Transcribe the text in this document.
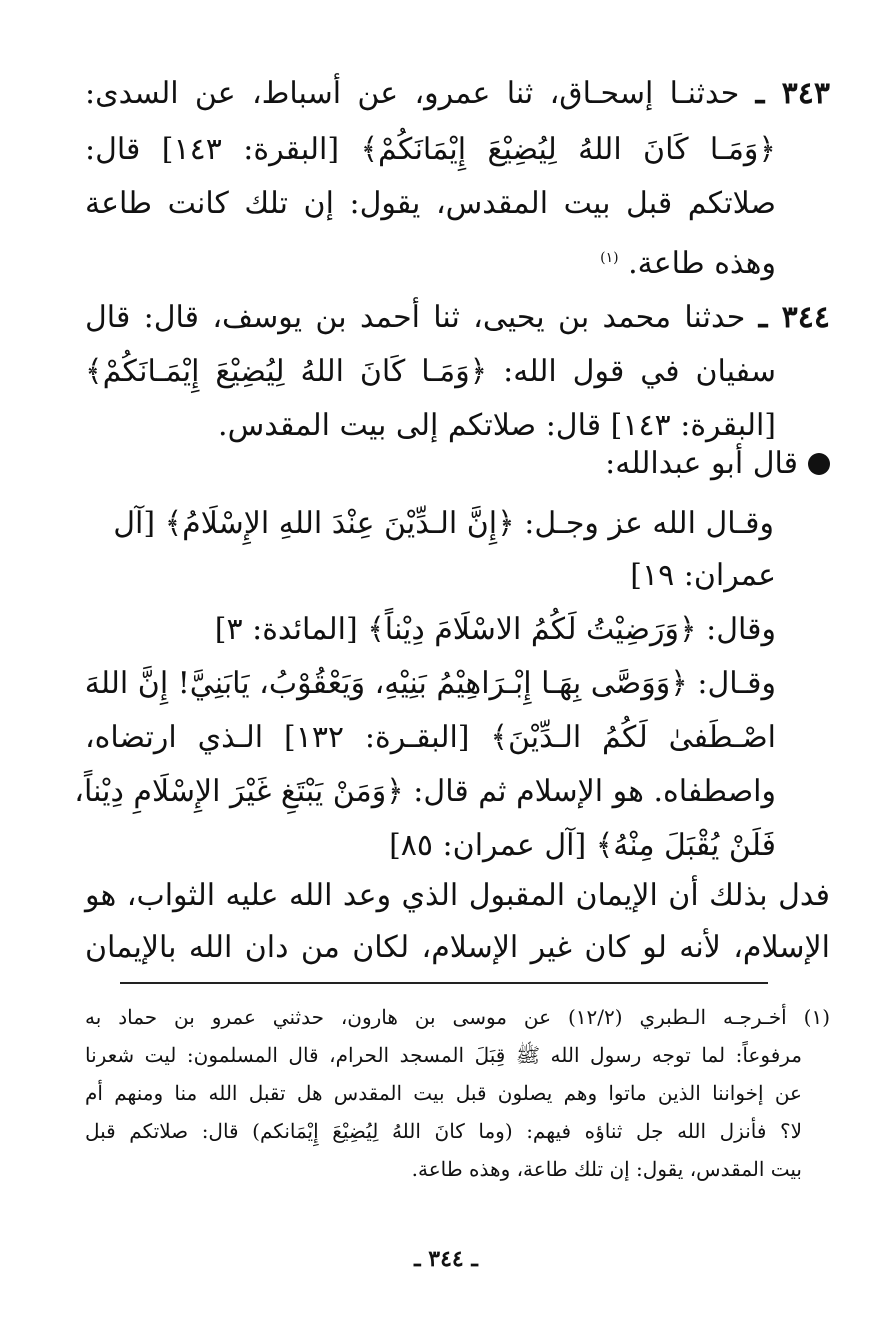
٣٤٣ ـ حدثنـا إسحـاق، ثنا عمرو، عن أسباط، عن السدى:
﴿وَمَـا كَانَ اللهُ لِيُضِيْعَ إِيْمَانَكُمْ﴾ [البقرة: ١٤٣] قال:
صلاتكم قبل بيت المقدس، يقول: إن تلك كانت طاعة
وهذه طاعة. $^{(١)}$
٣٤٤ ـ حدثنا محمد بن يحيى، ثنا أحمد بن يوسف، قال: قال
سفيان في قول الله: ﴿وَمَـا كَانَ اللهُ لِيُضِيْعَ إِيْمَـانَكُمْ﴾
[البقرة: ١٤٣] قال: صلاتكم إلى بيت المقدس.
قال أبو عبدالله:
وقـال الله عز وجـل: ﴿إِنَّ الـدِّيْنَ عِنْدَ اللهِ الإِسْلَامُ﴾ [آل
عمران: ١٩]
وقال: ﴿وَرَضِيْتُ لَكُمُ الاسْلَامَ دِيْناً﴾ [المائدة: ٣]
وقـال: ﴿وَوَصَّى بِهَـا إِبْـرَاهِيْمُ بَنِيْهِ، وَيَعْقُوْبُ، يَابَنِيَّ! إِنَّ اللهَ
اصْـطَفىٰ لَكُمُ الـدِّيْنَ﴾ [البقـرة: ١٣٢] الـذي ارتضاه،
واصطفاه. هو الإسلام ثم قال: ﴿وَمَنْ يَبْتَغِ غَيْرَ الإِسْلَامِ دِيْناً،
فَلَنْ يُقْبَلَ مِنْهُ﴾ [آل عمران: ٨٥]
فدل بذلك أن الإيمان المقبول الذي وعد الله عليه الثواب، هو
الإسلام، لأنه لو كان غير الإسلام، لكان من دان الله بالإيمان
(١) أخـرجـه الـطبري (١٢/٢) عن موسى بن هارون، حدثني عمرو بن حماد به
مرفوعاً: لما توجه رسول الله ﷺ قِبَلَ المسجد الحرام، قال المسلمون: ليت شعرنا
عن إخواننا الذين ماتوا وهم يصلون قبل بيت المقدس هل تقبل الله منا ومنهم أم
لا؟ فأنزل الله جل ثناؤه فيهم: (وما كانَ اللهُ لِيُضِيْعَ إِيْمَانكم) قال: صلاتكم قبل
بيت المقدس، يقول: إن تلك طاعة، وهذه طاعة.
ـ ٣٤٤ ـ
